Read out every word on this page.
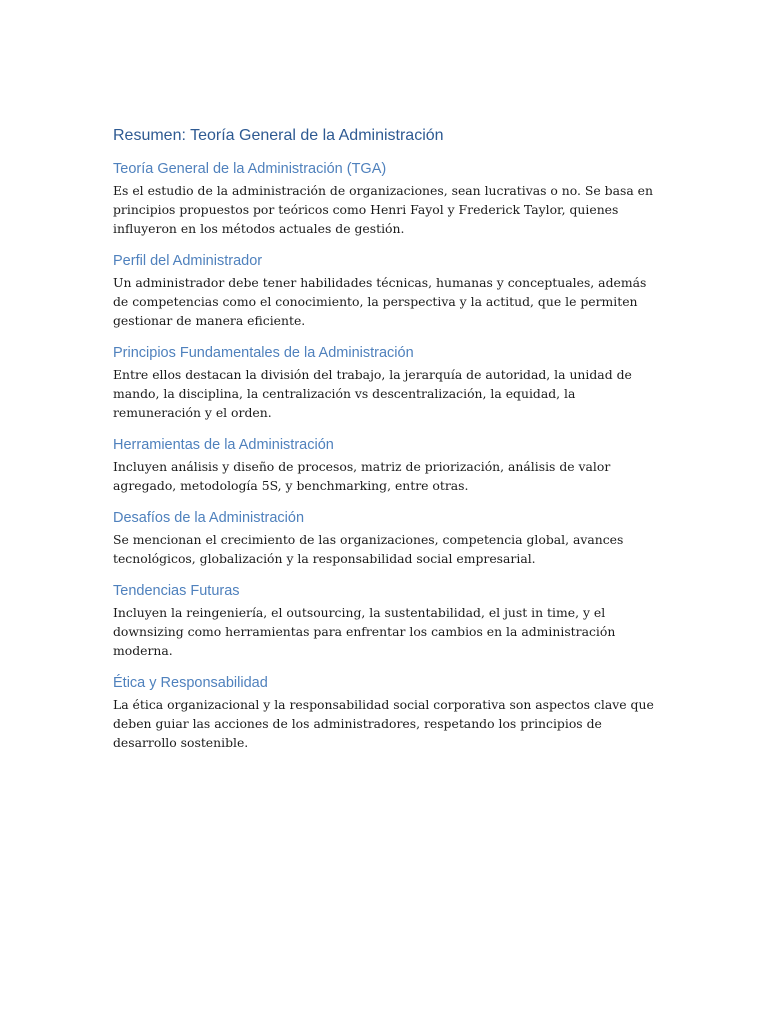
Resumen: Teoría General de la Administración
Teoría General de la Administración (TGA)

Es el estudio de la administración de organizaciones, sean lucrativas o no. Se basa en principios propuestos por teóricos como Henri Fayol y Frederick Taylor, quienes influyeron en los métodos actuales de gestión.

Perfil del Administrador

Un administrador debe tener habilidades técnicas, humanas y conceptuales, además de competencias como el conocimiento, la perspectiva y la actitud, que le permiten gestionar de manera eficiente.

Principios Fundamentales de la Administración

Entre ellos destacan la división del trabajo, la jerarquía de autoridad, la unidad de mando, la disciplina, la centralización vs descentralización, la equidad, la remuneración y el orden.

Herramientas de la Administración

Incluyen análisis y diseño de procesos, matriz de priorización, análisis de valor agregado, metodología 5S, y benchmarking, entre otras.

Desafíos de la Administración

Se mencionan el crecimiento de las organizaciones, competencia global, avances tecnológicos, globalización y la responsabilidad social empresarial.

Tendencias Futuras

Incluyen la reingeniería, el outsourcing, la sustentabilidad, el just in time, y el downsizing como herramientas para enfrentar los cambios en la administración moderna.

Ética y Responsabilidad

La ética organizacional y la responsabilidad social corporativa son aspectos clave que deben guiar las acciones de los administradores, respetando los principios de desarrollo sostenible.
